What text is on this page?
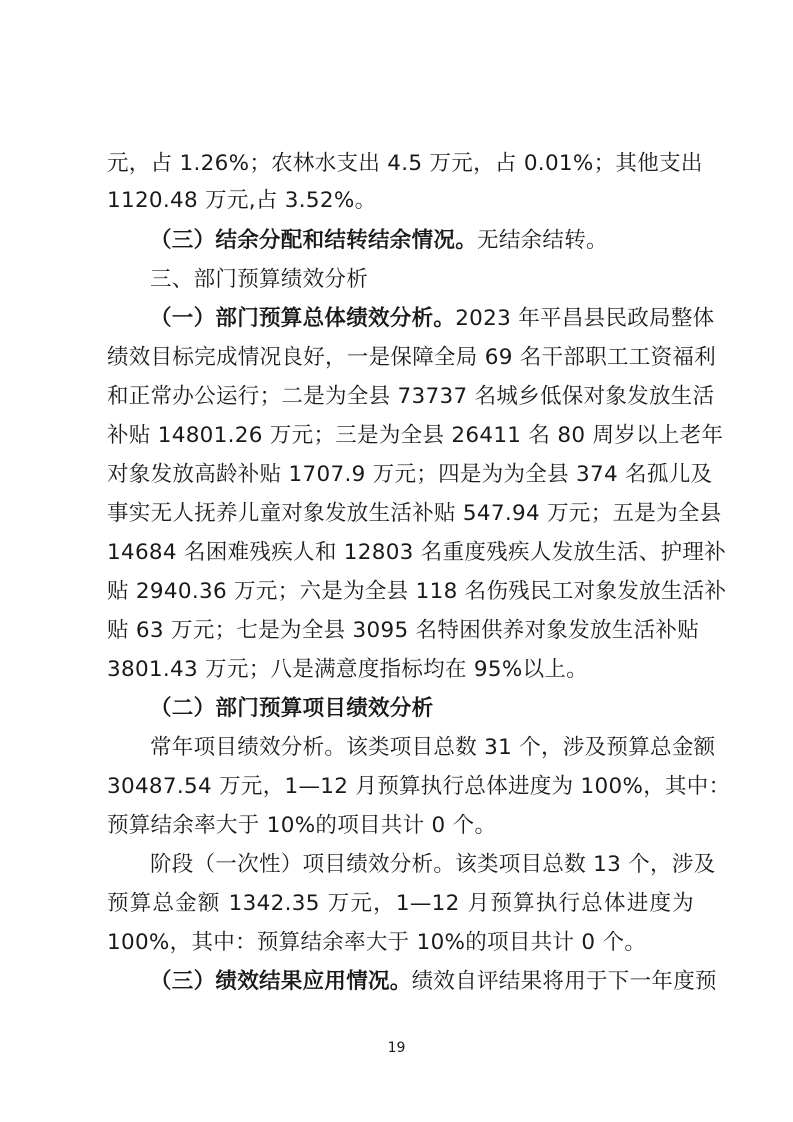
元，占 1.26%；农林水支出 4.5 万元，占 0.01%；其他支出
1120.48 万元,占 3.52%。
（三）结余分配和结转结余情况。无结余结转。
三、部门预算绩效分析
（一）部门预算总体绩效分析。2023 年平昌县民政局整体
绩效目标完成情况良好，一是保障全局 69 名干部职工工资福利
和正常办公运行；二是为全县 73737 名城乡低保对象发放生活
补贴 14801.26 万元；三是为全县 26411 名 80 周岁以上老年
对象发放高龄补贴 1707.9 万元；四是为为全县 374 名孤儿及
事实无人抚养儿童对象发放生活补贴 547.94 万元；五是为全县
14684 名困难残疾人和 12803 名重度残疾人发放生活、护理补
贴 2940.36 万元；六是为全县 118 名伤残民工对象发放生活补
贴 63 万元；七是为全县 3095 名特困供养对象发放生活补贴
3801.43 万元；八是满意度指标均在 95%以上。
（二）部门预算项目绩效分析
常年项目绩效分析。该类项目总数 31 个，涉及预算总金额
30487.54 万元，1—12 月预算执行总体进度为 100%，其中：
预算结余率大于 10%的项目共计 0 个。
阶段（一次性）项目绩效分析。该类项目总数 13 个，涉及
预算总金额 1342.35 万元，1—12 月预算执行总体进度为
100%，其中：预算结余率大于 10%的项目共计 0 个。
（三）绩效结果应用情况。绩效自评结果将用于下一年度预
19
